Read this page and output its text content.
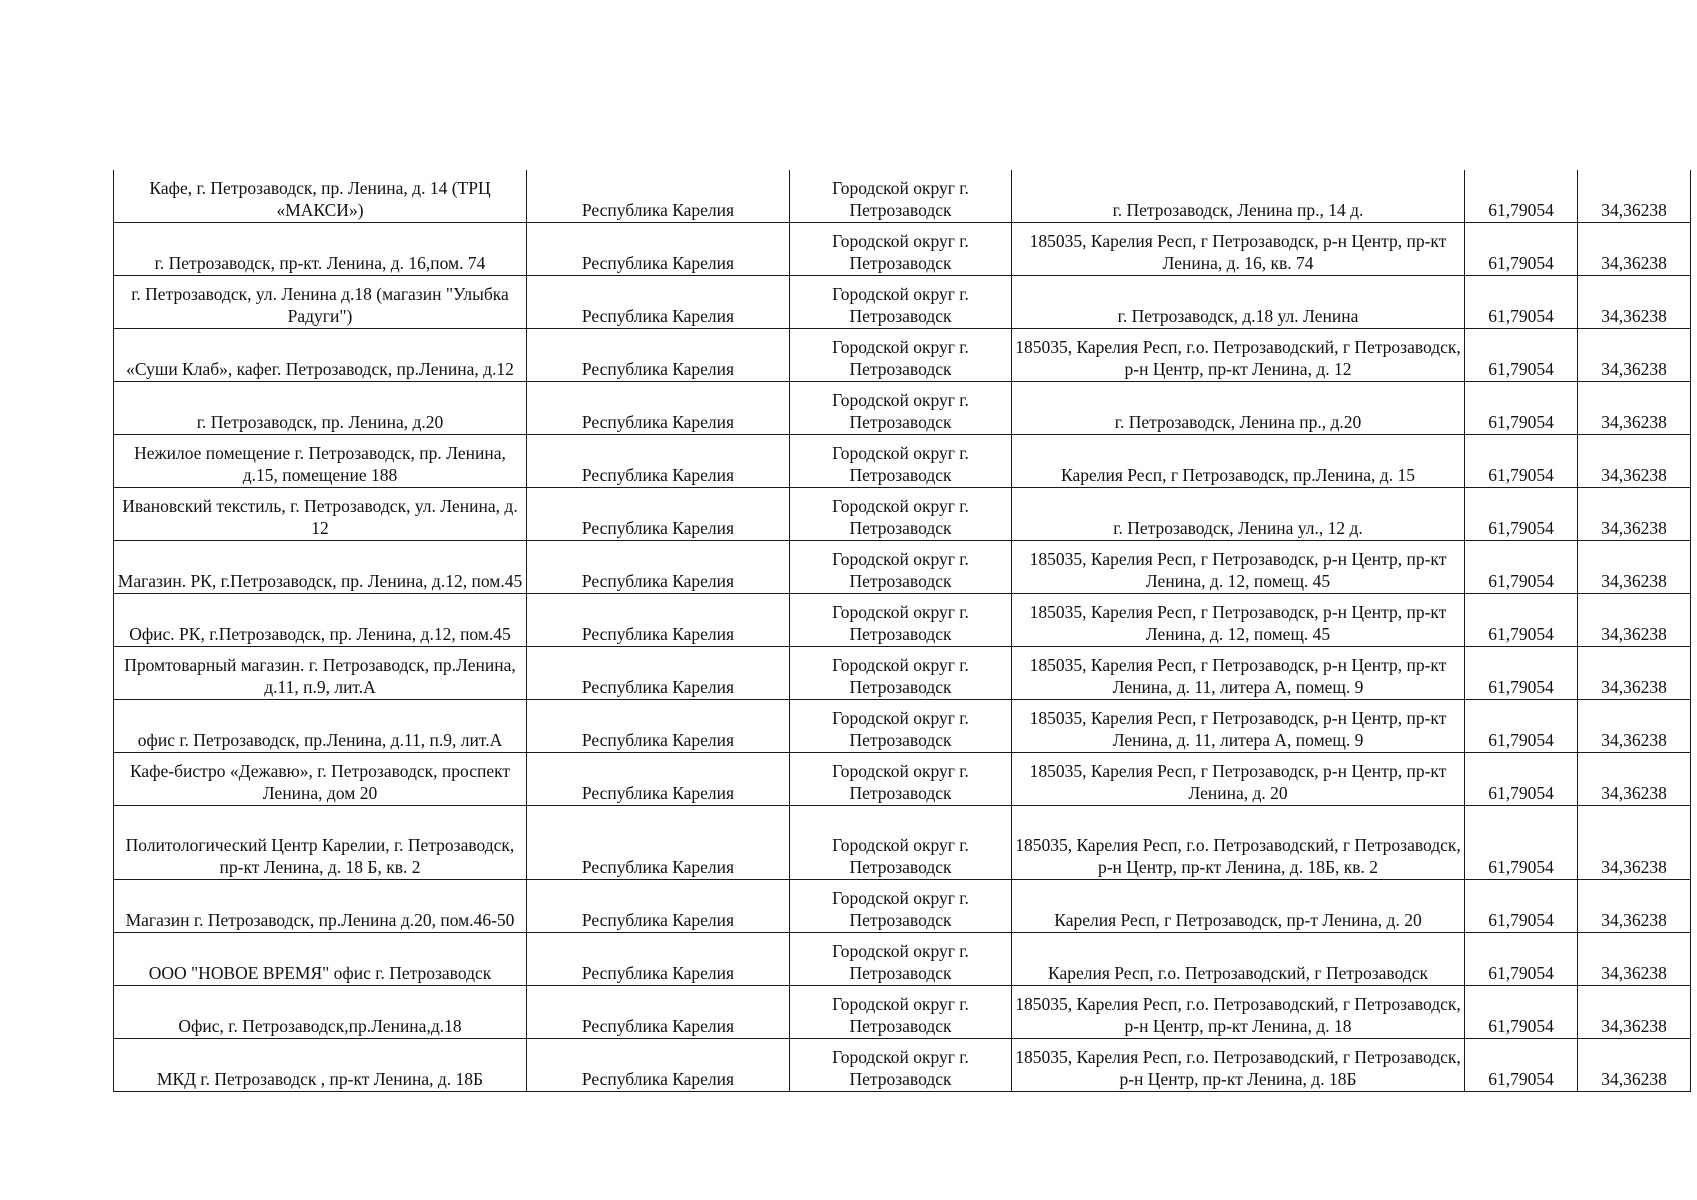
Кафе, г. Петрозаводск, пр. Ленина, д. 14 (ТРЦ «МАКСИ»)	Республика Карелия	Городской округ г. Петрозаводск	г. Петрозаводск, Ленина пр., 14 д.	61,79054	34,36238
г. Петрозаводск, пр-кт. Ленина, д. 16,пом. 74	Республика Карелия	Городской округ г. Петрозаводск	185035, Карелия Респ, г Петрозаводск, р-н Центр, пр-кт Ленина, д. 16, кв. 74	61,79054	34,36238
г. Петрозаводск, ул. Ленина д.18 (магазин "Улыбка Радуги")	Республика Карелия	Городской округ г. Петрозаводск	г. Петрозаводск, д.18 ул. Ленина	61,79054	34,36238
«Суши Клаб», кафег. Петрозаводск, пр.Ленина, д.12	Республика Карелия	Городской округ г. Петрозаводск	185035, Карелия Респ, г.о. Петрозаводский, г Петрозаводск, р-н Центр, пр-кт Ленина, д. 12	61,79054	34,36238
г. Петрозаводск, пр. Ленина, д.20	Республика Карелия	Городской округ г. Петрозаводск	г. Петрозаводск, Ленина пр., д.20	61,79054	34,36238
Нежилое помещение г. Петрозаводск, пр. Ленина, д.15, помещение 188	Республика Карелия	Городской округ г. Петрозаводск	Карелия Респ, г Петрозаводск, пр.Ленина, д. 15	61,79054	34,36238
Ивановский текстиль, г. Петрозаводск, ул. Ленина, д. 12	Республика Карелия	Городской округ г. Петрозаводск	г. Петрозаводск, Ленина ул., 12 д.	61,79054	34,36238
Магазин. РК, г.Петрозаводск, пр. Ленина, д.12, пом.45	Республика Карелия	Городской округ г. Петрозаводск	185035, Карелия Респ, г Петрозаводск, р-н Центр, пр-кт Ленина, д. 12, помещ. 45	61,79054	34,36238
Офис. РК, г.Петрозаводск, пр. Ленина, д.12, пом.45	Республика Карелия	Городской округ г. Петрозаводск	185035, Карелия Респ, г Петрозаводск, р-н Центр, пр-кт Ленина, д. 12, помещ. 45	61,79054	34,36238
Промтоварный магазин. г. Петрозаводск, пр.Ленина, д.11, п.9, лит.А	Республика Карелия	Городской округ г. Петрозаводск	185035, Карелия Респ, г Петрозаводск, р-н Центр, пр-кт Ленина, д. 11, литера А, помещ. 9	61,79054	34,36238
офис г. Петрозаводск, пр.Ленина, д.11, п.9, лит.А	Республика Карелия	Городской округ г. Петрозаводск	185035, Карелия Респ, г Петрозаводск, р-н Центр, пр-кт Ленина, д. 11, литера А, помещ. 9	61,79054	34,36238
Кафе-бистро «Дежавю», г. Петрозаводск, проспект Ленина, дом 20	Республика Карелия	Городской округ г. Петрозаводск	185035, Карелия Респ, г Петрозаводск, р-н Центр, пр-кт Ленина, д. 20	61,79054	34,36238
Политологический Центр Карелии, г. Петрозаводск, пр-кт Ленина, д. 18 Б, кв. 2	Республика Карелия	Городской округ г. Петрозаводск	185035, Карелия Респ, г.о. Петрозаводский, г Петрозаводск, р-н Центр, пр-кт Ленина, д. 18Б, кв. 2	61,79054	34,36238
Магазин г. Петрозаводск, пр.Ленина д.20, пом.46-50	Республика Карелия	Городской округ г. Петрозаводск	Карелия Респ, г Петрозаводск, пр-т Ленина, д. 20	61,79054	34,36238
ООО "НОВОЕ ВРЕМЯ" офис г. Петрозаводск	Республика Карелия	Городской округ г. Петрозаводск	Карелия Респ, г.о. Петрозаводский, г Петрозаводск	61,79054	34,36238
Офис, г. Петрозаводск,пр.Ленина,д.18	Республика Карелия	Городской округ г. Петрозаводск	185035, Карелия Респ, г.о. Петрозаводский, г Петрозаводск, р-н Центр, пр-кт Ленина, д. 18	61,79054	34,36238
МКД г. Петрозаводск , пр-кт Ленина, д. 18Б	Республика Карелия	Городской округ г. Петрозаводск	185035, Карелия Респ, г.о. Петрозаводский, г Петрозаводск, р-н Центр, пр-кт Ленина, д. 18Б	61,79054	34,36238
